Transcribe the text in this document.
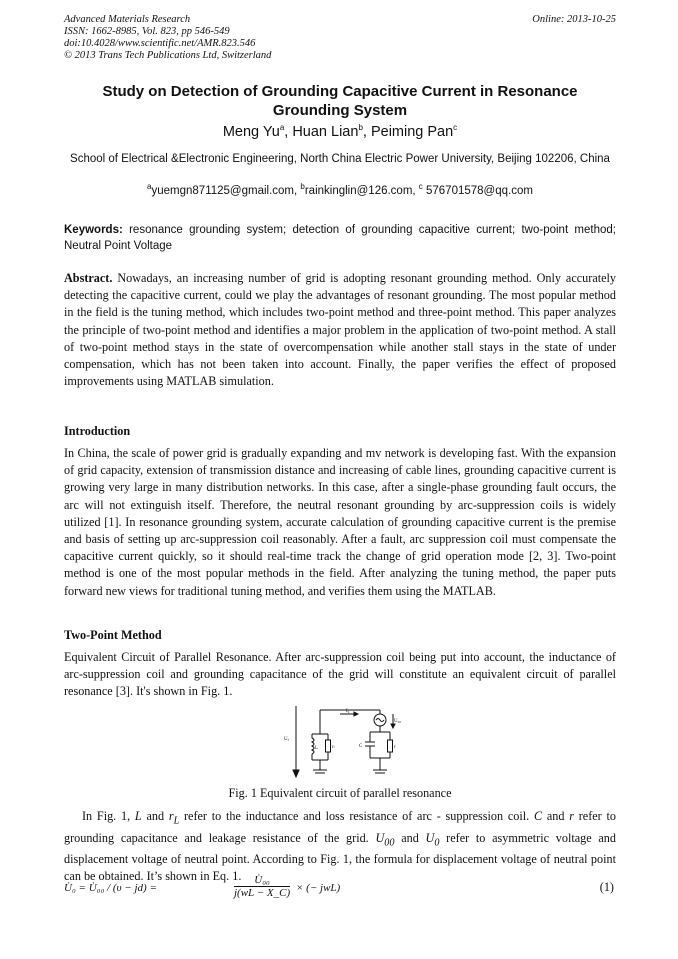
Advanced Materials Research
ISSN: 1662-8985, Vol. 823, pp 546-549
doi:10.4028/www.scientific.net/AMR.823.546
© 2013 Trans Tech Publications Ltd, Switzerland
Online: 2013-10-25
Study on Detection of Grounding Capacitive Current in Resonance
Grounding System
Meng Yu$^a$, Huan Lian$^b$, Peiming Pan$^c$
School of Electrical &Electronic Engineering, North China Electric Power University, Beijing 102206, China
$^a$yuemgn871125@gmail.com, $^b$rainkinglin@126.com, $^c$ 576701578@qq.com
Keywords: resonance grounding system; detection of grounding capacitive current; two-point method; Neutral Point Voltage
Abstract. Nowadays, an increasing number of grid is adopting resonant grounding method. Only accurately detecting the capacitive current, could we play the advantages of resonant grounding. The most popular method in the field is the tuning method, which includes two-point method and three-point method. This paper analyzes the principle of two-point method and identifies a major problem in the application of two-point method. A stall of two-point method stays in the state of overcompensation while another stall stays in the state of under compensation, which has not been taken into account. Finally, the paper verifies the effect of proposed improvements using MATLAB simulation.
Introduction
In China, the scale of power grid is gradually expanding and mv network is developing fast. With the expansion of grid capacity, extension of transmission distance and increasing of cable lines, grounding capacitive current is growing very large in many distribution networks. In this case, after a single-phase grounding fault occurs, the arc will not extinguish itself. Therefore, the neutral resonant grounding by arc-suppression coils is widely utilized [1]. In resonance grounding system, accurate calculation of grounding capacitive current is the premise and basis of setting up arc-suppression coil reasonably. After a fault, arc suppression coil must compensate the capacitive current quickly, so it should real-time track the change of grid operation mode [2, 3]. Two-point method is one of the most popular methods in the field. After analyzing the tuning method, the paper puts forward new views for traditional tuning method, and verifies them using the MATLAB.
Two-Point Method
Equivalent Circuit of Parallel Resonance. After arc-suppression coil being put into account, the inductance of arc-suppression coil and grounding capacitance of the grid will constitute an equivalent circuit of parallel resonance [3]. It's shown in Fig. 1.
Uₓ
I₀
U₀₀
L	rₗ	C	r
Fig. 1 Equivalent circuit of parallel resonance
In Fig. 1, L and $r_L$ refer to the inductance and loss resistance of arc - suppression coil. C and r refer to grounding capacitance and leakage resistance of the grid. $U_{00}$ and $U_0$ refer to asymmetric voltage and displacement voltage of neutral point. According to Fig. 1, the formula for displacement voltage of neutral point can be obtained. It’s shown in Eq. 1.
U̇₀ = U̇₀₀ / (υ − jd) =	$\frac{\text{U̇₀₀}}{j(wL - X\_C)}$ × (− jwL)	(1)
